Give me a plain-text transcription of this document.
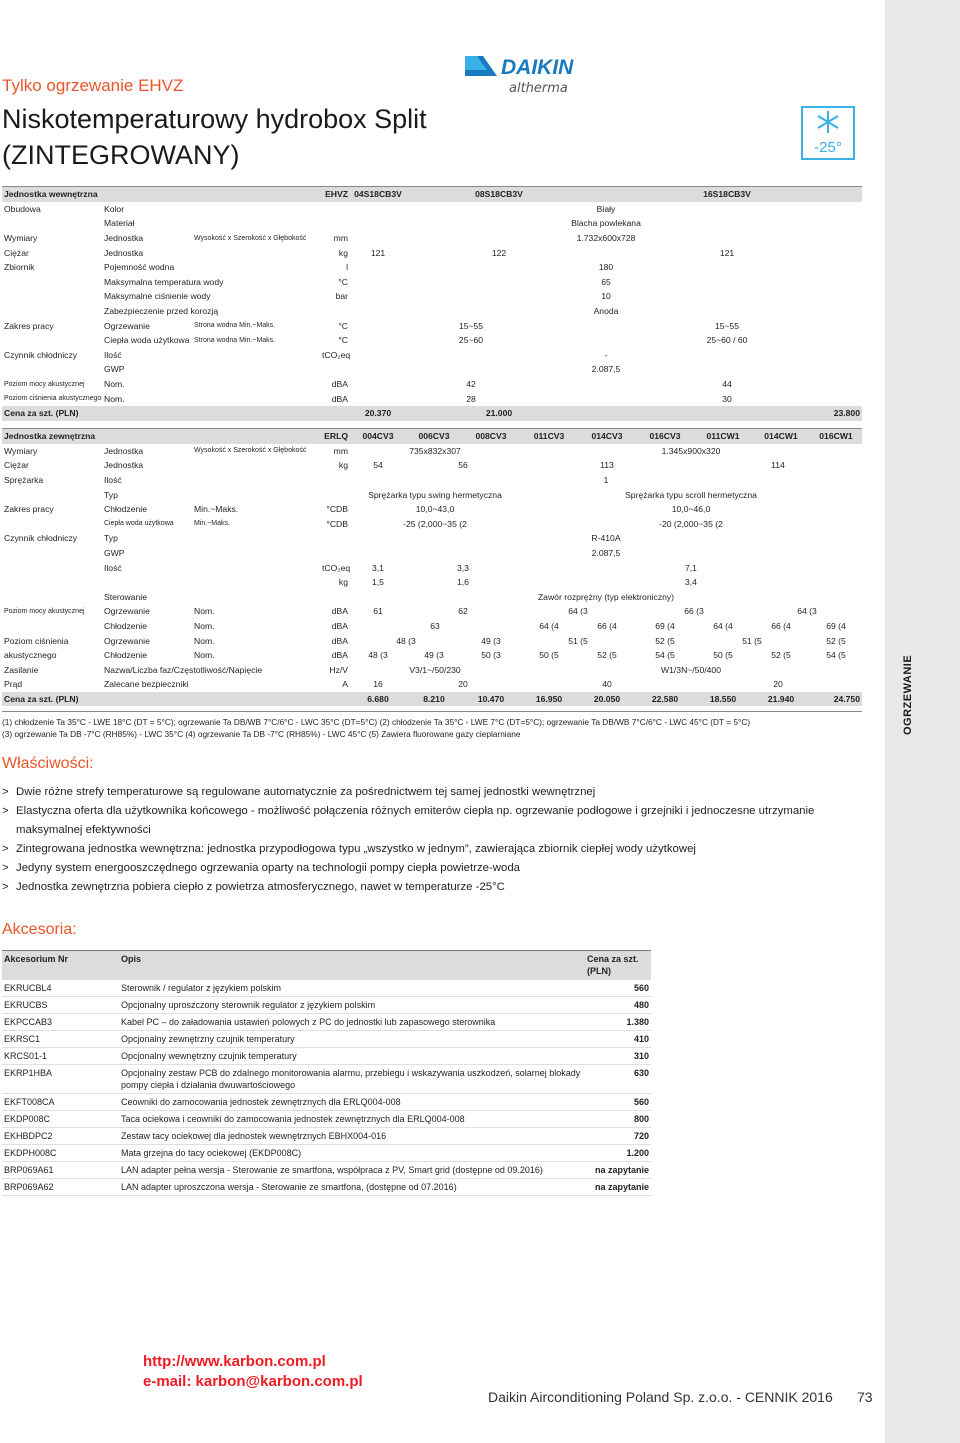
OGRZEWANIE
Tylko ogrzewanie EHVZ
Niskotemperaturowy hydrobox Split
(ZINTEGROWANY)
DAIKIN
altherma
-25°
Jednostka wewnętrzna			EHVZ	04S18CB3V	08S18CB3V	16S18CB3V
Obudowa	Kolor			Biały		
	Materiał			Blacha powlekana		
Wymiary	Jednostka	Wysokość x Szerokość x Głębokość	mm	1.732x600x728		
Ciężar	Jednostka		kg	121	122	121
Zbiornik	Pojemność wodna		l	180		
	Maksymalna temperatura wody		°C	65		
	Maksymalne ciśnienie wody		bar	10		
	Zabezpieczenie przed korozją			Anoda		
Zakres pracy	Ogrzewanie	Strona wodna Min.~Maks.	°C	15~55		15~55
	Ciepła woda użytkowa	Strona wodna Min.~Maks.	°C	25~60		25~60 / 60
Czynnik chłodniczy	Ilość		tCO₂eq	-		
	GWP			2.087,5		
Poziom mocy akustycznej	Nom.		dBA	42		44
Poziom ciśnienia akustycznego	Nom.		dBA	28		30
Cena za szt. (PLN)				20.370	21.000	23.800
Jednostka zewnętrzna			ERLQ	004CV3	006CV3	008CV3	011CV3	014CV3	016CV3	011CW1	014CW1	016CW1	
Wymiary	Jednostka	Wysokość x Szerokość x Głębokość	mm	735x832x307			1.345x900x320						
Ciężar	Jednostka		kg	54	56		113			114			
Sprężarka	Ilość			1									
	Typ			Sprężarka typu swing hermetyczna			Sprężarka typu scroll hermetyczna						
Zakres pracy	Chłodzenie	Min.~Maks.	°CDB	10,0~43,0			10,0~46,0						
	Ciepła woda użytkowa	Min.~Maks.	°CDB	-25 (2,000~35 (2			-20 (2,000~35 (2						
Czynnik chłodniczy	Typ			R-410A									
	GWP			2.087,5									
	Ilość		tCO₂eq	3,1	3,3		7,1						
			kg	1,5	1,6		3,4						
	Sterowanie			Zawór rozprężny (typ elektroniczny)									
Poziom mocy akustycznej	Ogrzewanie	Nom.	dBA	61	62		64 (3		66 (3		64 (3	
	Chłodzenie	Nom.	dBA	63			64 (4	66 (4	69 (4	64 (4	66 (4	69 (4	
Poziom ciśnienia	Ogrzewanie	Nom.	dBA	48 (3		49 (3	51 (5		52 (5	51 (5		52 (5	
akustycznego	Chłodzenie	Nom.	dBA	48 (3	49 (3	50 (3	50 (5	52 (5	54 (5	50 (5	52 (5	54 (5	
Zasilanie	Nazwa/Liczba faz/Częstotliwość/Napięcie		Hz/V	V3/1~/50/230			W1/3N~/50/400						
Prąd	Zalecane bezpieczniki		A	16	20		40			20			
Cena za szt. (PLN)				6.680	8.210	10.470	16.950	20.050	22.580	18.550	21.940	24.750	
(1) chłodzenie Ta 35°C - LWE 18°C (DT = 5°C); ogrzewanie Ta DB/WB 7°C/6°C - LWC 35°C (DT=5°C) (2) chłodzenie Ta 35°C - LWE 7°C (DT=5°C); ogrzewanie Ta DB/WB 7°C/6°C - LWC 45°C (DT = 5°C)
(3) ogrzewanie Ta DB -7°C (RH85%) - LWC 35°C (4) ogrzewanie Ta DB -7°C (RH85%) - LWC 45°C (5) Zawiera fluorowane gazy cieplarniane
Właściwości:
> Dwie różne strefy temperaturowe są regulowane automatycznie za pośrednictwem tej samej jednostki wewnętrznej
> Elastyczna oferta dla użytkownika końcowego - możliwość połączenia różnych emiterów ciepła np. ogrzewanie podłogowe i grzejniki i jednoczesne utrzymanie maksymalnej efektywności
> Zintegrowana jednostka wewnętrzna: jednostka przypodłogowa typu „wszystko w jednym”, zawierająca zbiornik ciepłej wody użytkowej
> Jedyny system energooszczędnego ogrzewania oparty na technologii pompy ciepła powietrze-woda
> Jednostka zewnętrzna pobiera ciepło z powietrza atmosferycznego, nawet w temperaturze -25°C
Akcesoria:
Akcesorium Nr	Opis	Cena za szt. (PLN)
EKRUCBL4	Sterownik / regulator z językiem polskim	560
EKRUCBS	Opcjonalny uproszczony sterownik regulator z językiem polskim	480
EKPCCAB3	Kabel PC – do załadowania ustawień polowych z PC do jednostki lub zapasowego sterownika	1.380
EKRSC1	Opcjonalny zewnętrzny czujnik temperatury	410
KRCS01-1	Opcjonalny wewnętrzny czujnik temperatury	310
EKRP1HBA	Opcjonalny zestaw PCB do zdalnego monitorowania alarmu, przebiegu i wskazywania uszkodzeń, solarnej blokady pompy ciepła i działania dwuwartościowego	630
EKFT008CA	Ceowniki do zamocowania jednostek zewnętrznych dla ERLQ004-008	560
EKDP008C	Taca ociekowa i ceowniki do zamocowania jednostek zewnętrznych dla ERLQ004-008	800
EKHBDPC2	Zestaw tacy ociekowej dla jednostek wewnętrznych EBHX004-016	720
EKDPH008C	Mata grzejna do tacy ociekowej (EKDP008C)	1.200
BRP069A61	LAN adapter pełna wersja - Sterowanie ze smartfona, współpraca z PV, Smart grid (dostępne od 09.2016)	na zapytanie
BRP069A62	LAN adapter uproszczona wersja - Sterowanie ze smartfona, (dostępne od 07.2016)	na zapytanie
http://www.karbon.com.pl
e-mail: karbon@karbon.com.pl
Daikin Airconditioning Poland Sp. z.o.o. - CENNIK 2016 73
